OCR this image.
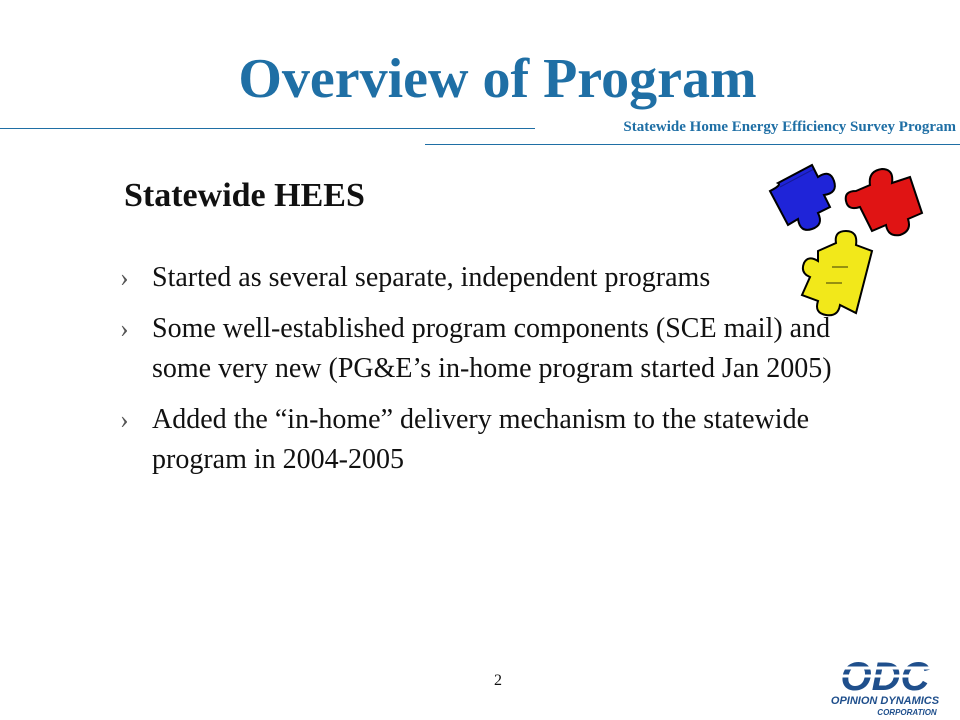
Overview of Program
Statewide Home Energy Efficiency Survey Program
Statewide HEES
› Started as several separate, independent programs
› Some well-established program components (SCE mail) and some very new (PG&E’s in-home program started Jan 2005)
› Added the “in-home” delivery mechanism to the statewide program in 2004-2005
2	ODC
OPINION DYNAMICS
CORPORATION
